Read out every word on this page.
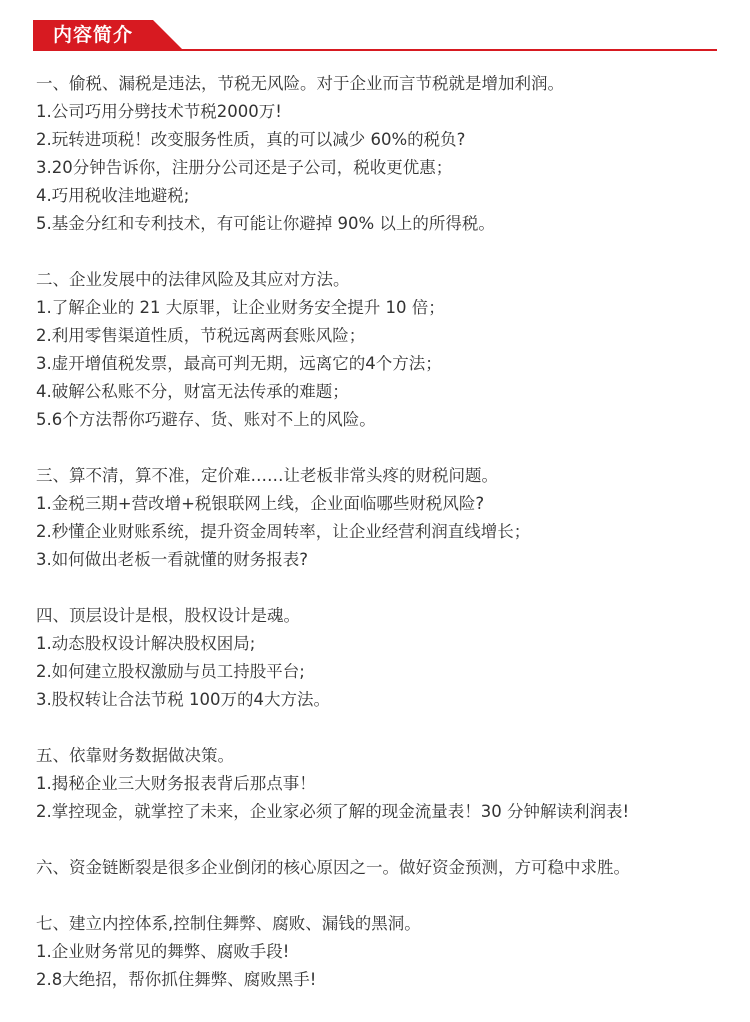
内容简介
一、偷税、漏税是违法，节税无风险。对于企业而言节税就是增加利润。
1.公司巧用分劈技术节税2000万!
2.玩转进项税！改变服务性质，真的可以减少 60%的税负?
3.20分钟告诉你，注册分公司还是子公司，税收更优惠；
4.巧用税收洼地避税;
5.基金分红和专利技术，有可能让你避掉 90% 以上的所得税。
二、企业发展中的法律风险及其应对方法。
1.了解企业的 21 大原罪，让企业财务安全提升 10 倍；
2.利用零售渠道性质，节税远离两套账风险；
3.虚开增值税发票，最高可判无期，远离它的4个方法；
4.破解公私账不分，财富无法传承的难题；
5.6个方法帮你巧避存、货、账对不上的风险。
三、算不清，算不准，定价难……让老板非常头疼的财税问题。
1.金税三期+营改增+税银联网上线，企业面临哪些财税风险?
2.秒懂企业财账系统，提升资金周转率，让企业经营利润直线增长；
3.如何做出老板一看就懂的财务报表?
四、顶层设计是根，股权设计是魂。
1.动态股权设计解决股权困局;
2.如何建立股权激励与员工持股平台;
3.股权转让合法节税 100万的4大方法。
五、依靠财务数据做决策。
1.揭秘企业三大财务报表背后那点事！
2.掌控现金，就掌控了未来，企业家必须了解的现金流量表！30 分钟解读利润表!
六、资金链断裂是很多企业倒闭的核心原因之一。做好资金预测，方可稳中求胜。
七、建立内控体系,控制住舞弊、腐败、漏钱的黑洞。
1.企业财务常见的舞弊、腐败手段!
2.8大绝招，帮你抓住舞弊、腐败黑手!
